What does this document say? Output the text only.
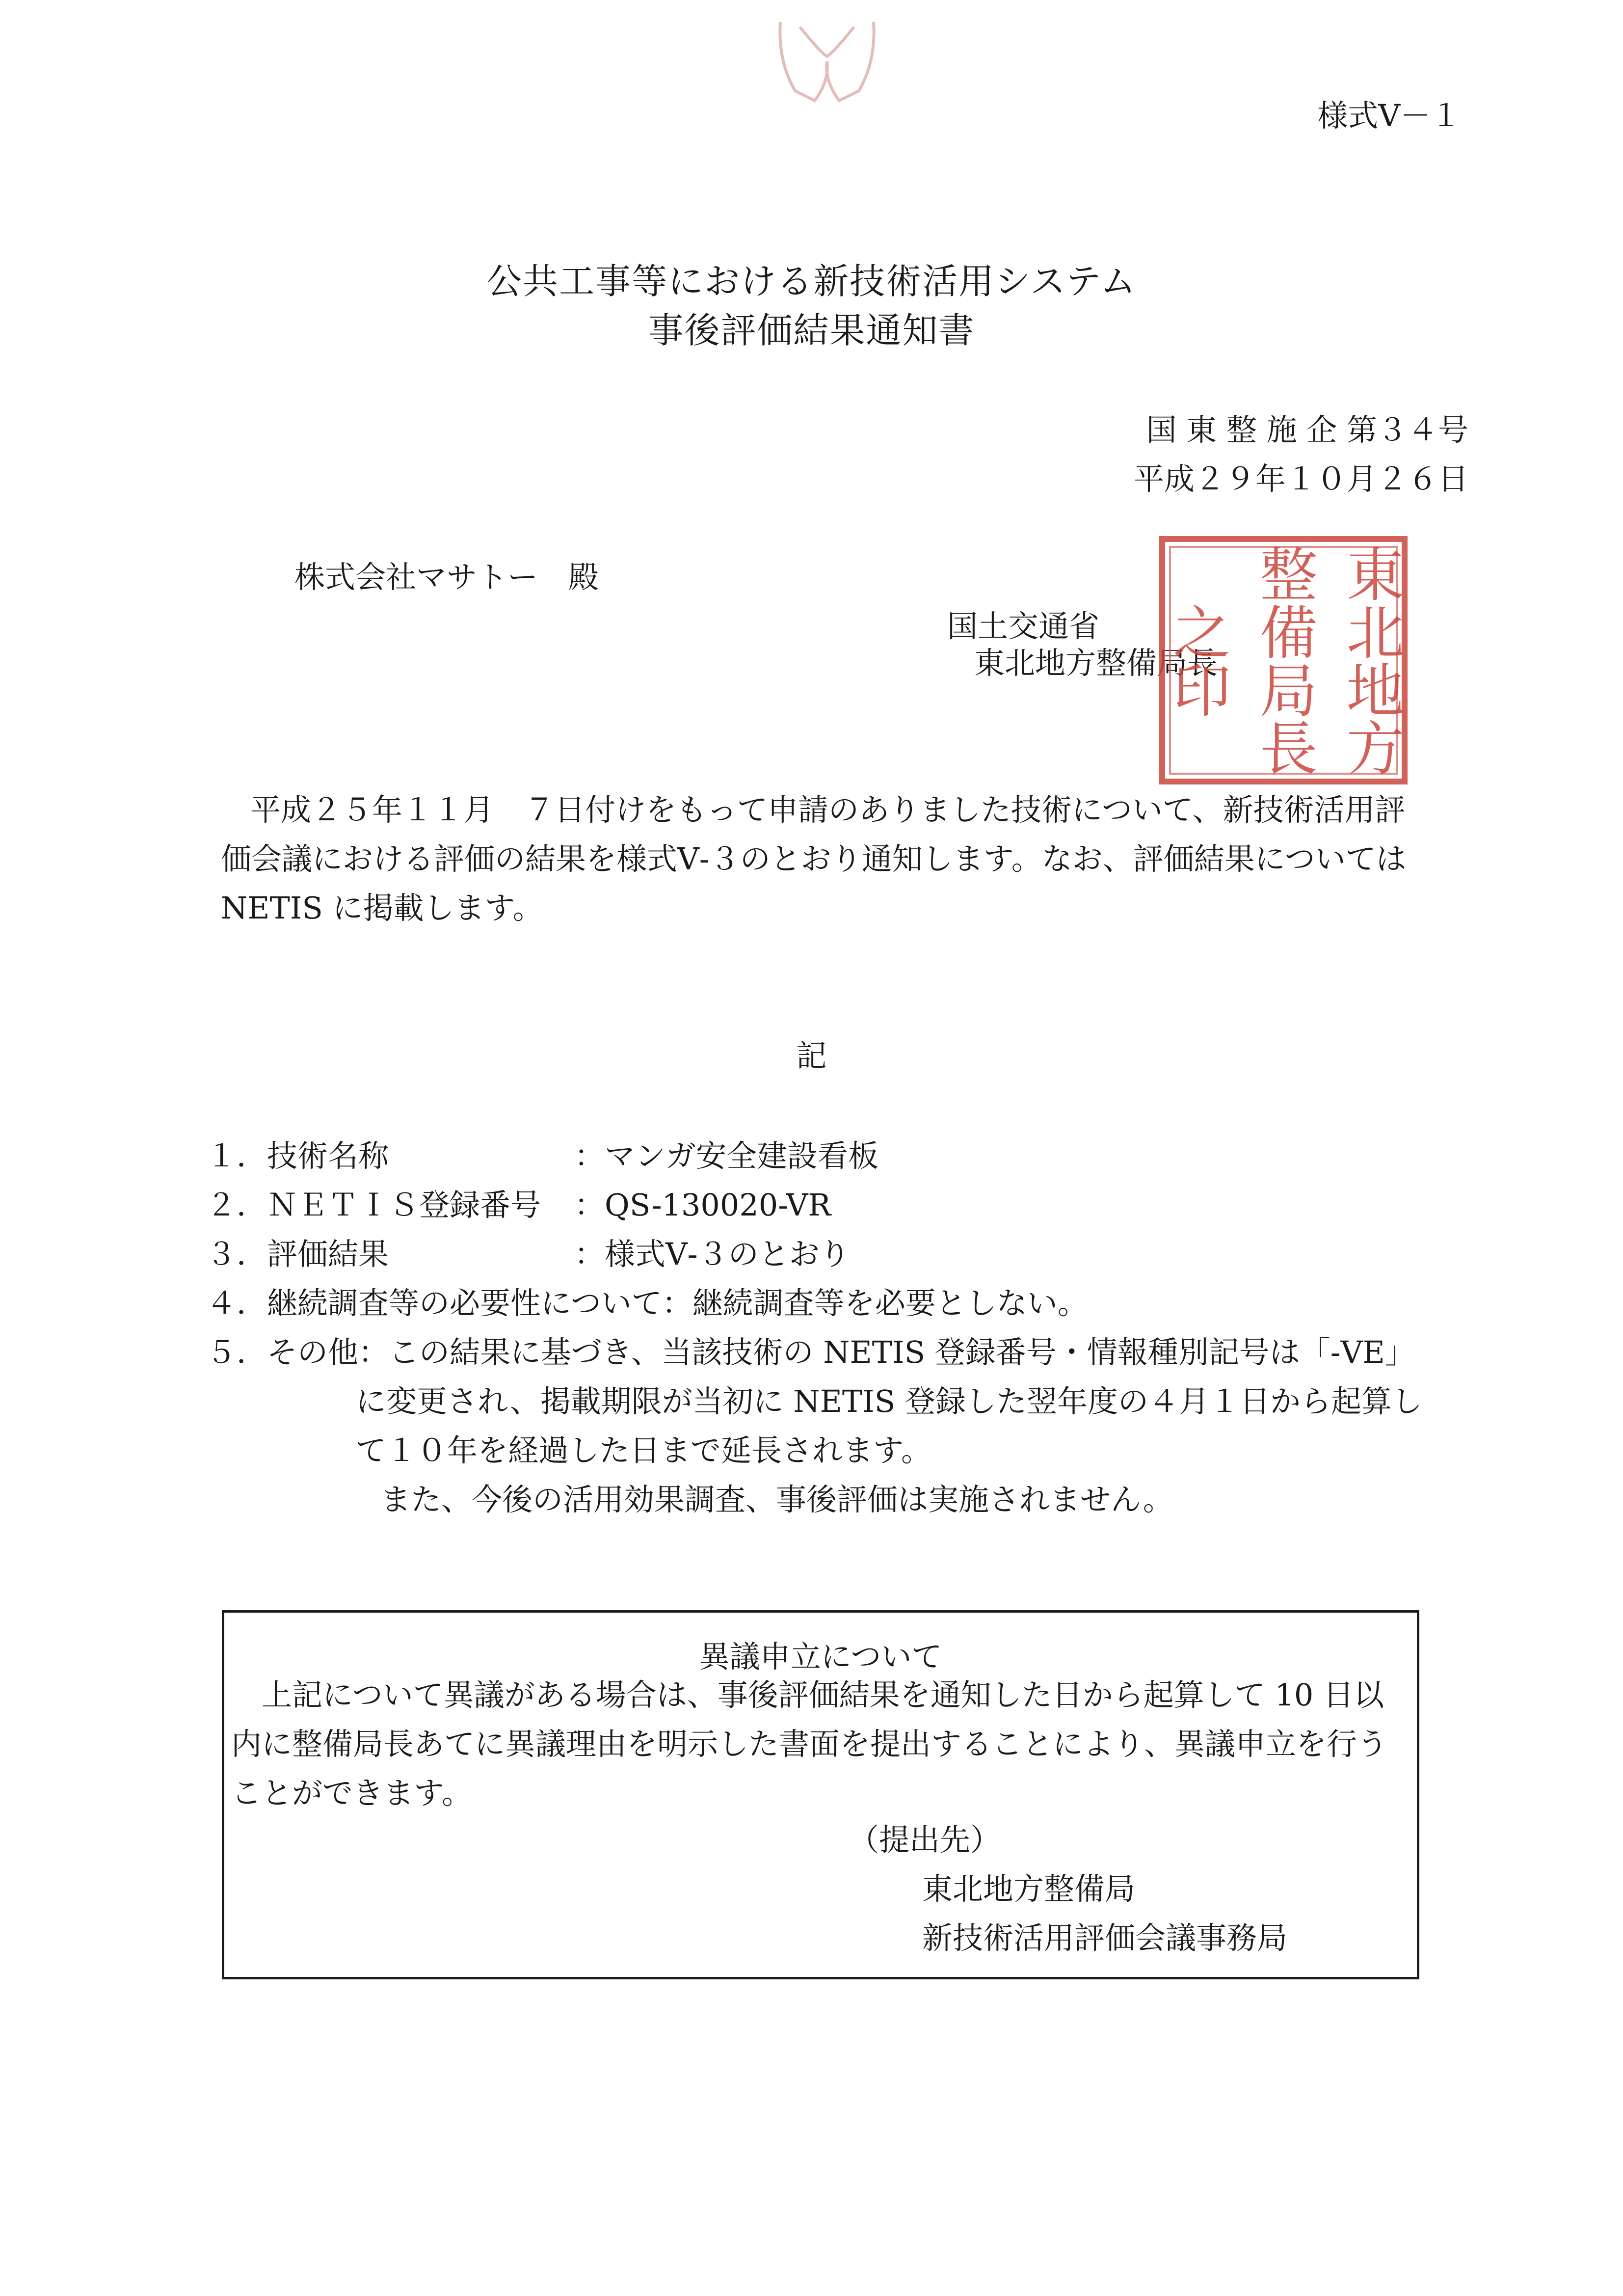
様式Ⅴ－１
公共工事等における新技術活用システム
事後評価結果通知書
国 東 整 施 企 第３４号
平成２９年１０月２６日
株式会社マサトー　殿
国土交通省
東北地方整備局長 東北地方
整備局長
之印
平成２５年１１月　７日付けをもって申請のありました技術について、新技術活用評
価会議における評価の結果を様式Ⅴ-３のとおり通知します。なお、評価結果については
NETIS に掲載します。
記
１．技術名称	：マンガ安全建設看板
２．ＮＥＴＩＳ登録番号	：QS-130020-VR
３．評価結果	：様式Ⅴ-３のとおり
４．継続調査等の必要性について：継続調査等を必要としない。
５．その他：この結果に基づき、当該技術の NETIS 登録番号・情報種別記号は「-VE」
に変更され、掲載期限が当初に NETIS 登録した翌年度の４月１日から起算し
て１０年を経過した日まで延長されます。
また、今後の活用効果調査、事後評価は実施されません。
異議申立について
上記について異議がある場合は、事後評価結果を通知した日から起算して 10 日以内に整備局長あてに異議理由を明示した書面を提出することにより、異議申立を行うことができます。
（提出先）
東北地方整備局
新技術活用評価会議事務局
